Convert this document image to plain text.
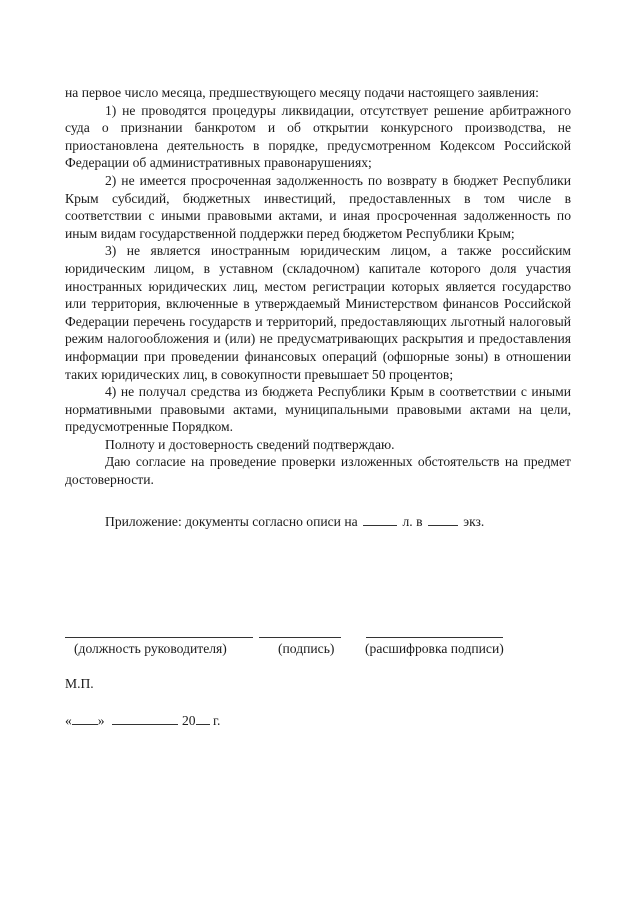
на первое число месяца, предшествующего месяцу подачи настоящего заявления:

1) не проводятся процедуры ликвидации, отсутствует решение арбитражного суда о признании банкротом и об открытии конкурсного производства, не приостановлена деятельность в порядке, предусмотренном Кодексом Российской Федерации об административных правонарушениях;

2) не имеется просроченная задолженность по возврату в бюджет Республики Крым субсидий, бюджетных инвестиций, предоставленных в том числе в соответствии с иными правовыми актами, и иная просроченная задолженность по иным видам государственной поддержки перед бюджетом Республики Крым;

3) не является иностранным юридическим лицом, а также российским юридическим лицом, в уставном (складочном) капитале которого доля участия иностранных юридических лиц, местом регистрации которых является государство или территория, включенные в утверждаемый Министерством финансов Российской Федерации перечень государств и территорий, предоставляющих льготный налоговый режим налогообложения и (или) не предусматривающих раскрытия и предоставления информации при проведении финансовых операций (офшорные зоны) в отношении таких юридических лиц, в совокупности превышает 50 процентов;

4) не получал средства из бюджета Республики Крым в соответствии с иными нормативными правовыми актами, муниципальными правовыми актами на цели, предусмотренные Порядком.

Полноту и достоверность сведений подтверждаю.

Даю согласие на проведение проверки изложенных обстоятельств на предмет достоверности.

Приложение: документы согласно описи на	л. в	экз.

(должность руководителя)	(подпись) (расшифровка подписи)
М.П.
« »	20 г.
